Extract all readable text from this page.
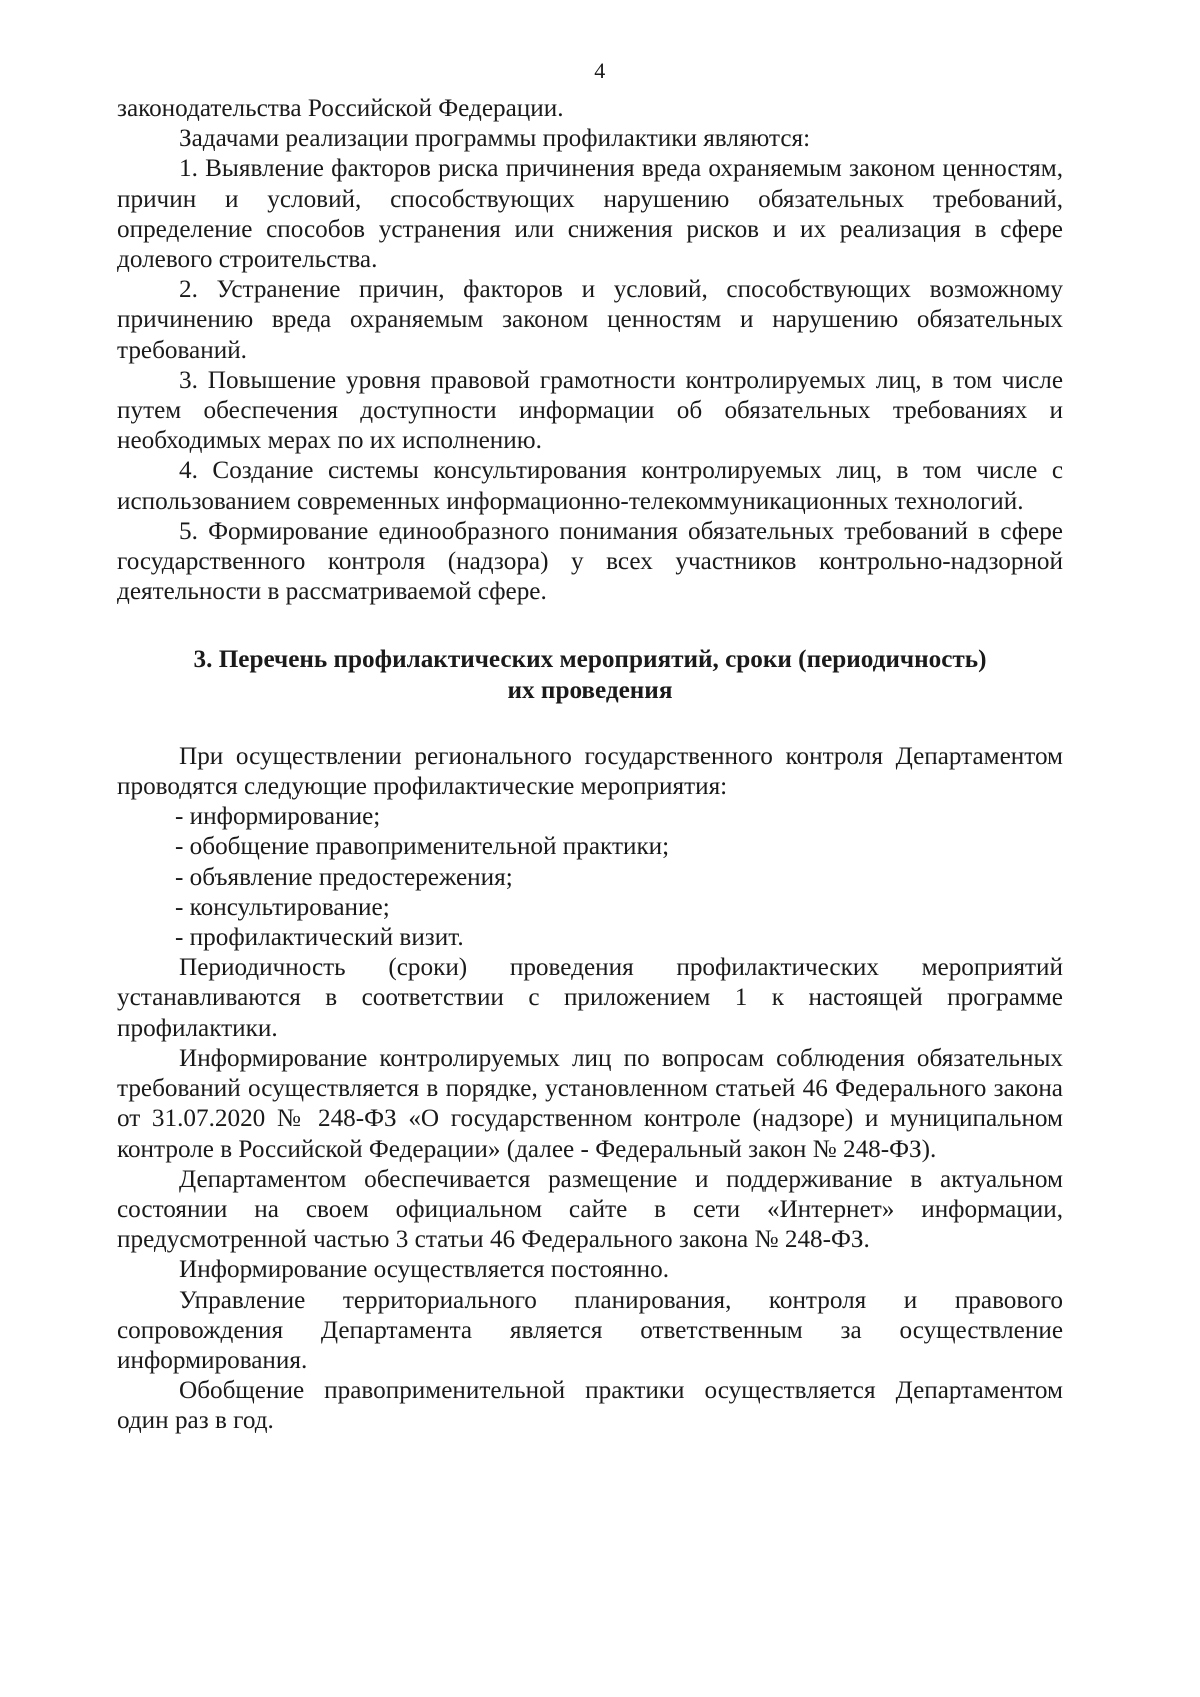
4

законодательства Российской Федерации.

Задачами реализации программы профилактики являются:

1. Выявление факторов риска причинения вреда охраняемым законом ценностям, причин и условий, способствующих нарушению обязательных требований, определение способов устранения или снижения рисков и их реализация в сфере долевого строительства.

2. Устранение причин, факторов и условий, способствующих возможному причинению вреда охраняемым законом ценностям и нарушению обязательных требований.

3. Повышение уровня правовой грамотности контролируемых лиц, в том числе путем обеспечения доступности информации об обязательных требованиях и необходимых мерах по их исполнению.

4. Создание системы консультирования контролируемых лиц, в том числе с использованием современных информационно-телекоммуникационных технологий.

5. Формирование единообразного понимания обязательных требований в сфере государственного контроля (надзора) у всех участников контрольно-надзорной деятельности в рассматриваемой сфере.

3. Перечень профилактических мероприятий, сроки (периодичность) их проведения

При осуществлении регионального государственного контроля Департаментом проводятся следующие профилактические мероприятия:

- информирование;

- обобщение правоприменительной практики;

- объявление предостережения;

- консультирование;

- профилактический визит.

Периодичность (сроки) проведения профилактических мероприятий устанавливаются в соответствии с приложением 1 к настоящей программе профилактики.

Информирование контролируемых лиц по вопросам соблюдения обязательных требований осуществляется в порядке, установленном статьей 46 Федерального закона от 31.07.2020 № 248-ФЗ «О государственном контроле (надзоре) и муниципальном контроле в Российской Федерации» (далее - Федеральный закон № 248-ФЗ).

Департаментом обеспечивается размещение и поддерживание в актуальном состоянии на своем официальном сайте в сети «Интернет» информации, предусмотренной частью 3 статьи 46 Федерального закона № 248-ФЗ.

Информирование осуществляется постоянно.

Управление территориального планирования, контроля и правового сопровождения Департамента является ответственным за осуществление информирования.

Обобщение правоприменительной практики осуществляется Департаментом один раз в год.
